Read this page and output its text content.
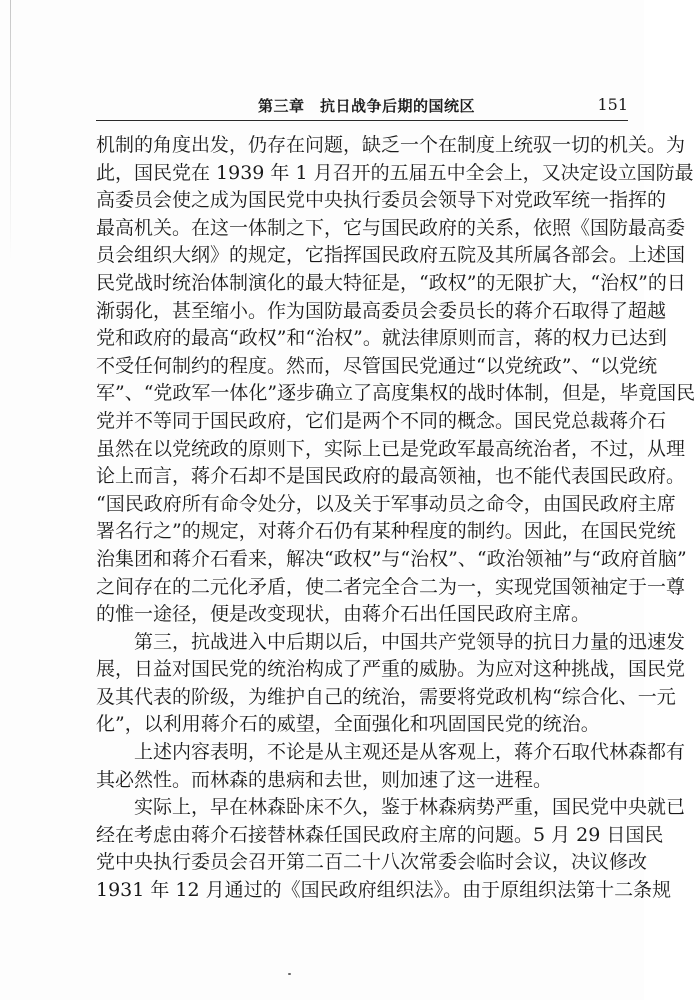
第三章　抗日战争后期的国统区	151
机制的角度出发，仍存在问题，缺乏一个在制度上统驭一切的机关。为
此，国民党在 1939 年 1 月召开的五届五中全会上，又决定设立国防最
高委员会使之成为国民党中央执行委员会领导下对党政军统一指挥的
最高机关。在这一体制之下，它与国民政府的关系，依照《国防最高委
员会组织大纲》的规定，它指挥国民政府五院及其所属各部会。上述国
民党战时统治体制演化的最大特征是，“政权”的无限扩大，“治权”的日
渐弱化，甚至缩小。作为国防最高委员会委员长的蒋介石取得了超越
党和政府的最高“政权”和“治权”。就法律原则而言，蒋的权力已达到
不受任何制约的程度。然而，尽管国民党通过“以党统政”、“以党统
军”、“党政军一体化”逐步确立了高度集权的战时体制，但是，毕竟国民
党并不等同于国民政府，它们是两个不同的概念。国民党总裁蒋介石
虽然在以党统政的原则下，实际上已是党政军最高统治者，不过，从理
论上而言，蒋介石却不是国民政府的最高领袖，也不能代表国民政府。
“国民政府所有命令处分，以及关于军事动员之命令，由国民政府主席
署名行之”的规定，对蒋介石仍有某种程度的制约。因此，在国民党统
治集团和蒋介石看来，解决“政权”与“治权”、“政治领袖”与“政府首脑”
之间存在的二元化矛盾，使二者完全合二为一，实现党国领袖定于一尊
的惟一途径，便是改变现状，由蒋介石出任国民政府主席。
第三，抗战进入中后期以后，中国共产党领导的抗日力量的迅速发
展，日益对国民党的统治构成了严重的威胁。为应对这种挑战，国民党
及其代表的阶级，为维护自己的统治，需要将党政机构“综合化、一元
化”，以利用蒋介石的威望，全面强化和巩固国民党的统治。
上述内容表明，不论是从主观还是从客观上，蒋介石取代林森都有
其必然性。而林森的患病和去世，则加速了这一进程。
实际上，早在林森卧床不久，鉴于林森病势严重，国民党中央就已
经在考虑由蒋介石接替林森任国民政府主席的问题。5 月 29 日国民
党中央执行委员会召开第二百二十八次常委会临时会议，决议修改
1931 年 12 月通过的《国民政府组织法》。由于原组织法第十二条规
